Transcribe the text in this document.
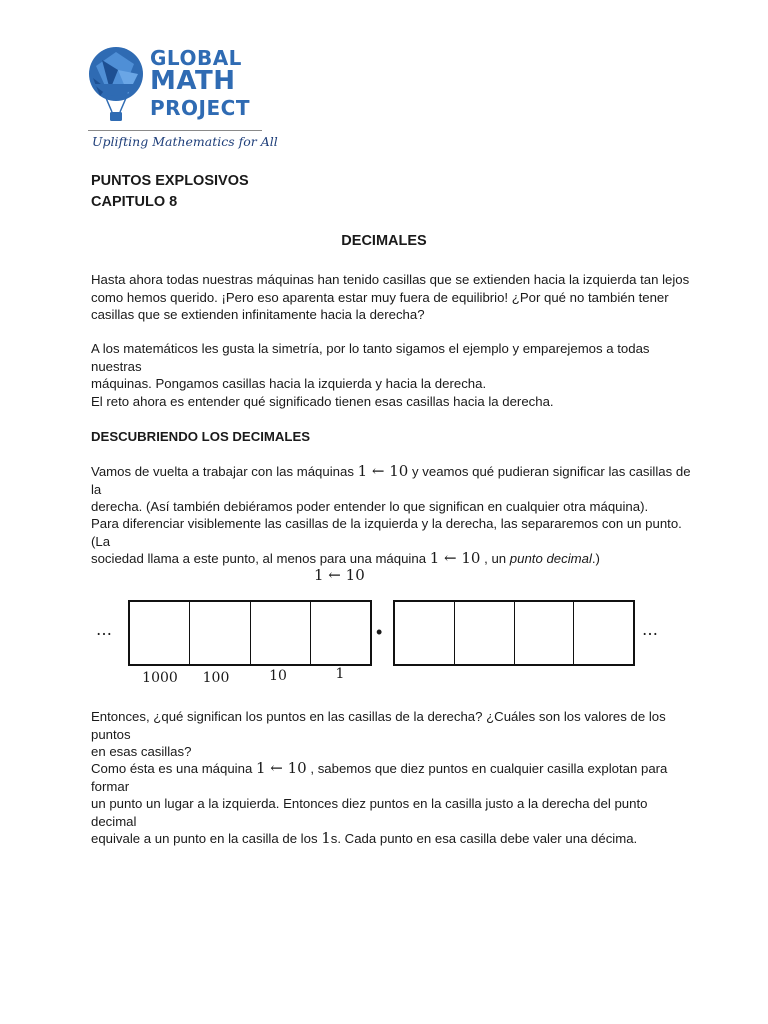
GLOBAL
MATH
PROJECT
Uplifting Mathematics for All
PUNTOS EXPLOSIVOS
CAPITULO 8
DECIMALES

Hasta ahora todas nuestras máquinas han tenido casillas que se extienden hacia la izquierda tan lejos

como hemos querido. ¡Pero eso aparenta estar muy fuera de equilibrio! ¿Por qué no también tener

casillas que se extienden infinitamente hacia la derecha?

A los matemáticos les gusta la simetría, por lo tanto sigamos el ejemplo y emparejemos a todas nuestras

máquinas. Pongamos casillas hacia la izquierda y hacia la derecha.

El reto ahora es entender qué significado tienen esas casillas hacia la derecha.

DESCUBRIENDO LOS DECIMALES

Vamos de vuelta a trabajar con las máquinas 1 ← 10 y veamos qué pudieran significar las casillas de la

derecha. (Así también debiéramos poder entender lo que significan en cualquier otra máquina).

Para diferenciar visiblemente las casillas de la izquierda y la derecha, las separaremos con un punto. (La

sociedad llama a este punto, al menos para una máquina 1 ← 10 , un punto decimal.)

1 ← 10
…	•	…
1000	100	10	1

Entonces, ¿qué significan los puntos en las casillas de la derecha? ¿Cuáles son los valores de los puntos

en esas casillas?

Como ésta es una máquina 1 ← 10 , sabemos que diez puntos en cualquier casilla explotan para formar

un punto un lugar a la izquierda. Entonces diez puntos en la casilla justo a la derecha del punto decimal

equivale a un punto en la casilla de los 1s. Cada punto en esa casilla debe valer una décima.
